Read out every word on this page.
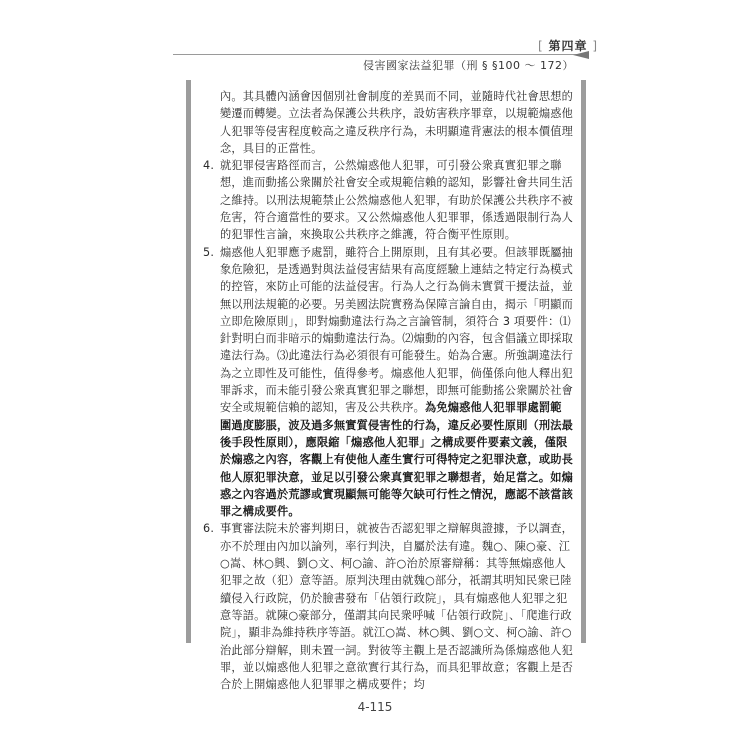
[ 第四章 ]
侵害國家法益犯罪（刑 § §100 ～ 172）
內。其具體內涵會因個別社會制度的差異而不同，並隨時代社會思想的變遷而轉變。立法者為保護公共秩序，設妨害秩序罪章，以規範煽惑他人犯罪等侵害程度較高之違反秩序行為，未明顯違背憲法的根本價值理念，具目的正當性。
4. 就犯罪侵害路徑而言，公然煽惑他人犯罪，可引發公衆真實犯罪之聯想，進而動搖公衆關於社會安全或規範信賴的認知，影響社會共同生活之維持。以刑法規範禁止公然煽惑他人犯罪，有助於保護公共秩序不被危害，符合適當性的要求。又公然煽惑他人犯罪罪，係透過限制行為人的犯罪性言論，來換取公共秩序之維護，符合衡平性原則。
5. 煽惑他人犯罪應予處罰，雖符合上開原則，且有其必要。但該罪既屬抽象危險犯，是透過對與法益侵害結果有高度經驗上連結之特定行為模式的控管，來防止可能的法益侵害。行為人之行為倘未實質干擾法益，並無以刑法規範的必要。另美國法院實務為保障言論自由，揭示「明顯而立即危險原則」，即對煽動違法行為之言論管制，須符合 3 項要件：⑴針對明白而非暗示的煽動違法行為。⑵煽動的內容，包含倡議立即採取違法行為。⑶此違法行為必須很有可能發生。始為合憲。所強調違法行為之立即性及可能性，值得參考。煽惑他人犯罪，倘僅係向他人釋出犯罪訴求，而未能引發公衆真實犯罪之聯想，即無可能動搖公衆關於社會安全或規範信賴的認知，害及公共秩序。為免煽惑他人犯罪罪處罰範圍過度膨脹，波及過多無實質侵害性的行為，違反必要性原則（刑法最後手段性原則），應限縮「煽惑他人犯罪」之構成要件要素文義，僅限於煽惑之內容，客觀上有使他人產生實行可得特定之犯罪決意，或助長他人原犯罪決意，並足以引發公衆真實犯罪之聯想者，始足當之。如煽惑之內容過於荒謬或實現顯無可能等欠缺可行性之情況，應認不該當該罪之構成要件。
6. 事實審法院未於審判期日，就被告否認犯罪之辯解與證據，予以調查，亦不於理由內加以論列，率行判決，自屬於法有違。魏○、陳○豪、江○嵩、林○興、劉○文、柯○諭、許○治於原審辯稱：其等無煽惑他人犯罪之故（犯）意等語。原判決理由就魏○部分，祇謂其明知民衆已陸續侵入行政院，仍於臉書發布「佔領行政院」，具有煽惑他人犯罪之犯意等語。就陳○豪部分，僅謂其向民衆呼喊「佔領行政院」、「爬進行政院」，顯非為維持秩序等語。就江○嵩、林○興、劉○文、柯○諭、許○治此部分辯解，則未置一詞。對彼等主觀上是否認識所為係煽惑他人犯罪，並以煽惑他人犯罪之意欲實行其行為，而具犯罪故意；客觀上是否合於上開煽惑他人犯罪罪之構成要件；均
4-115
